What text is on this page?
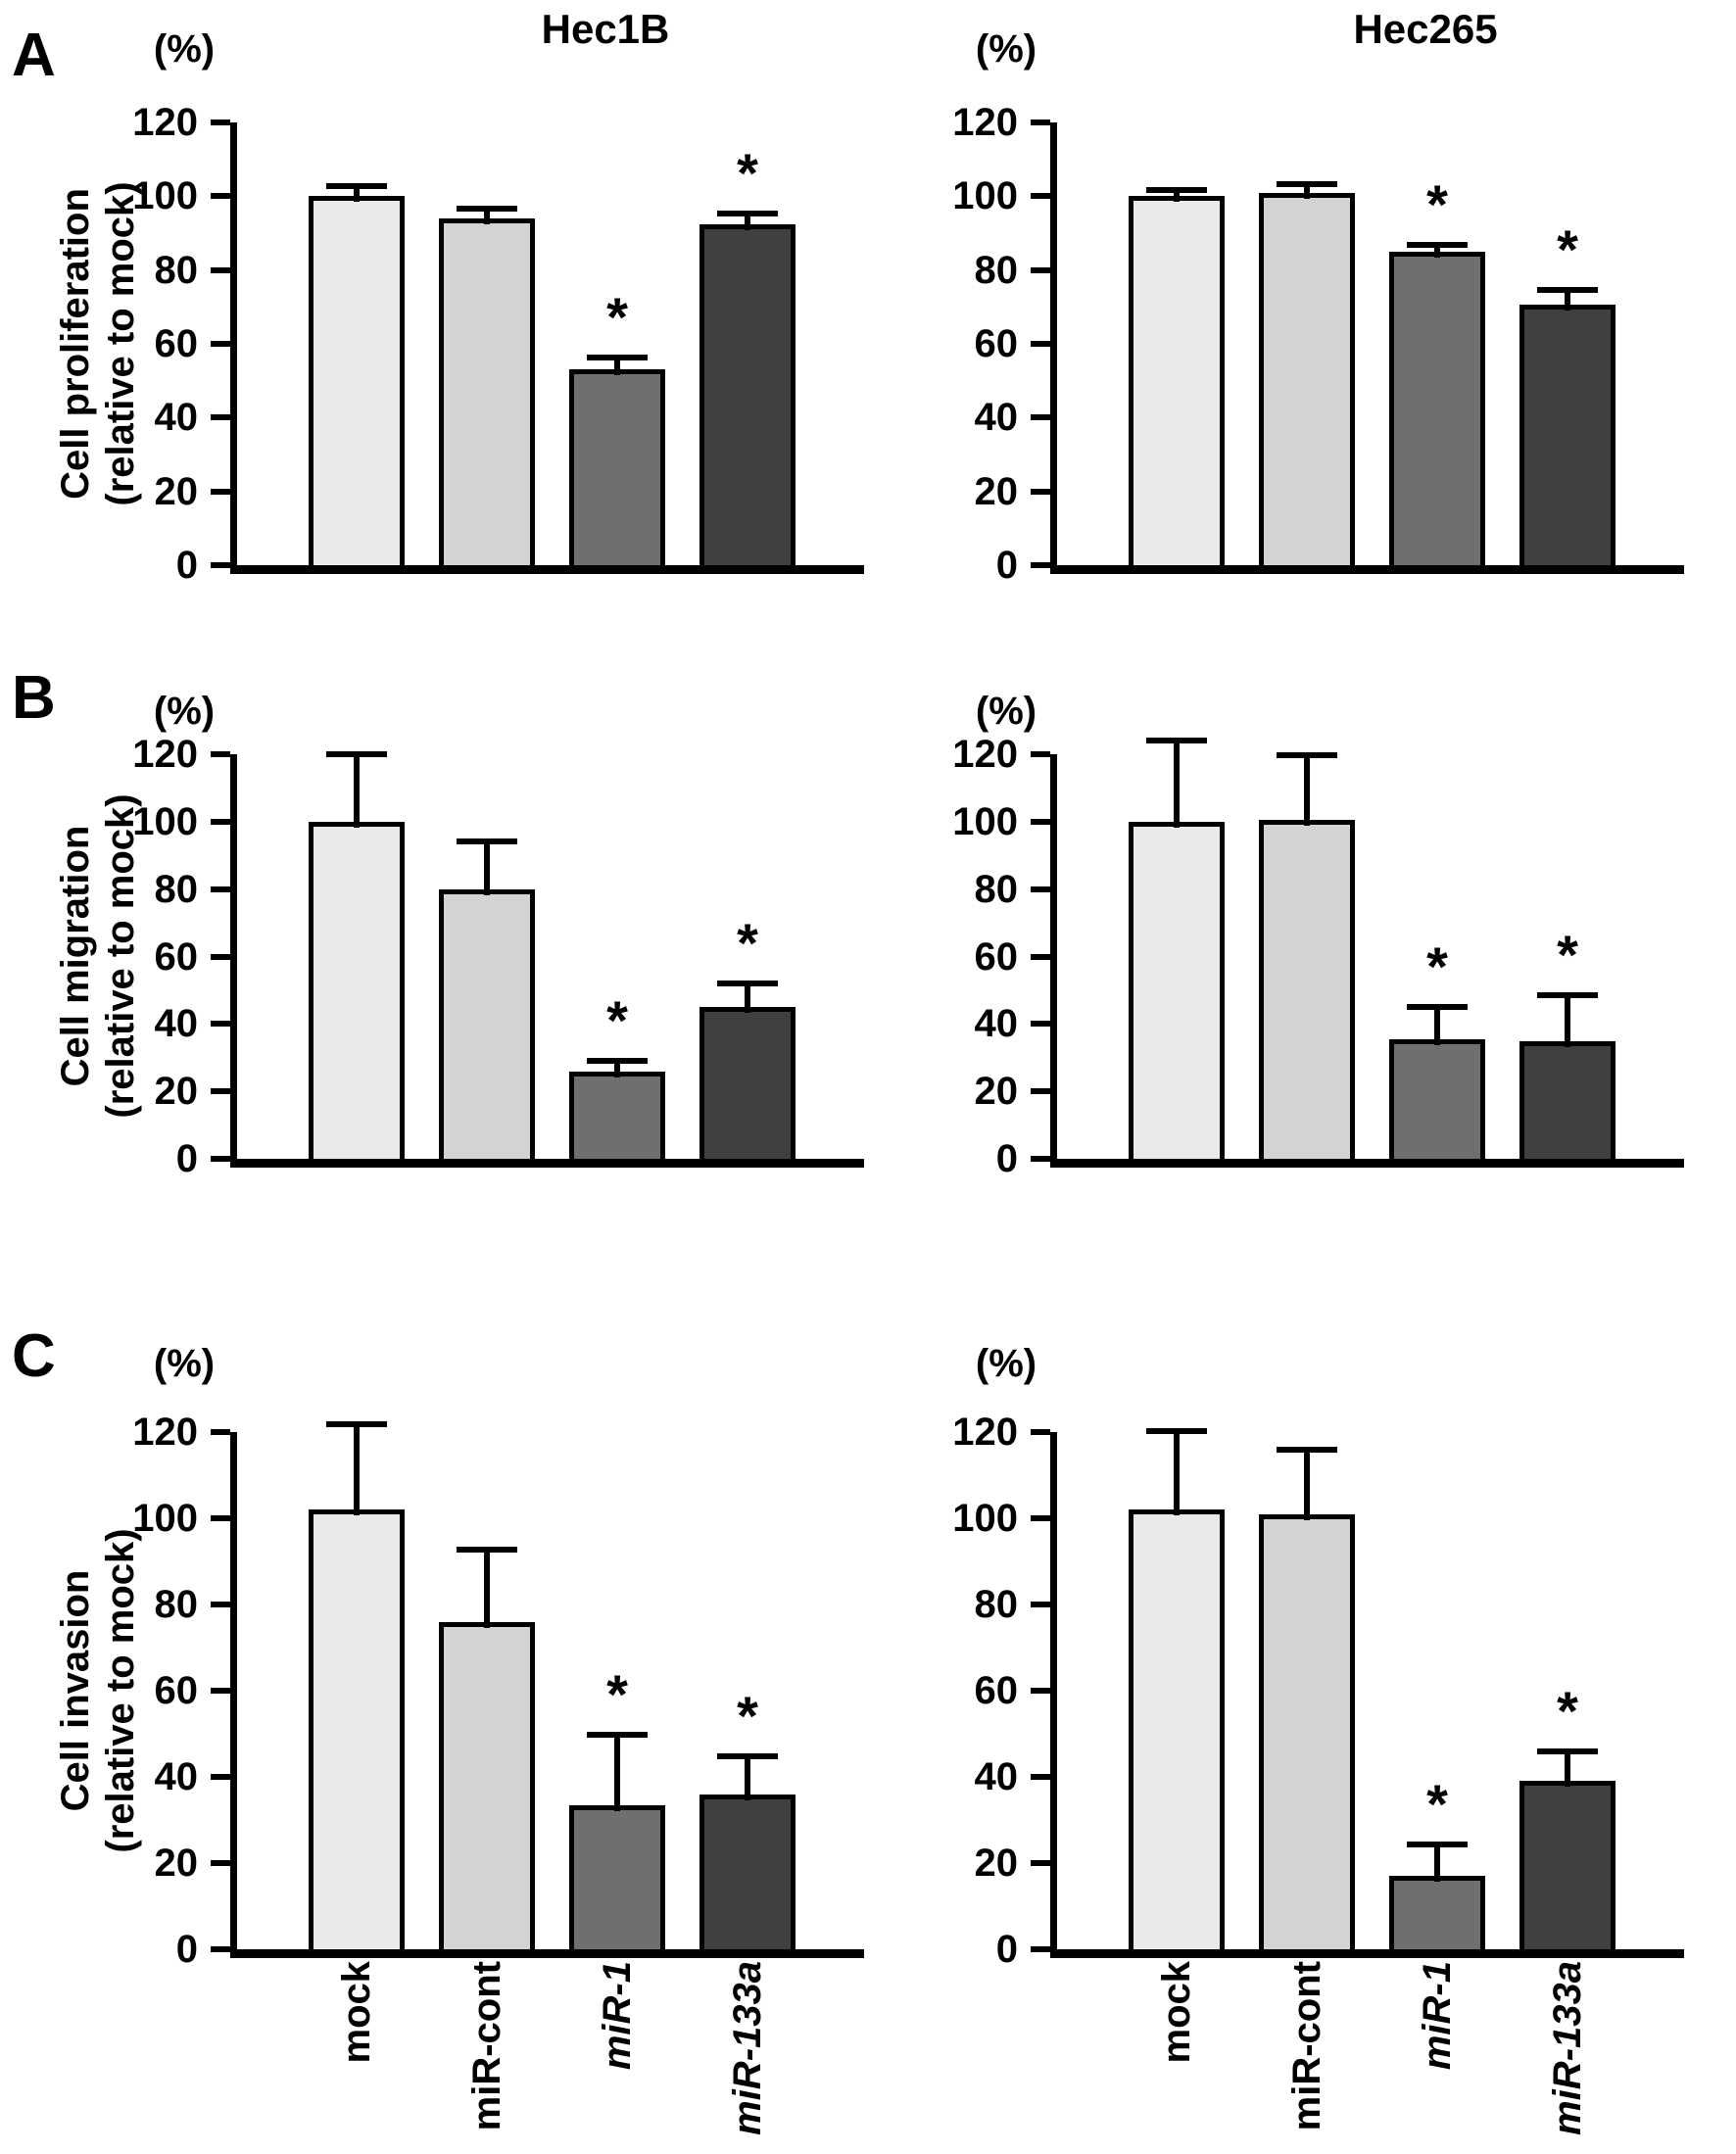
A
B
C
Hec1B	Hec265
(%)	(%)
(%)	(%)
(%)	(%)
Cell proliferation (relative to mock)
Cell migration (relative to mock)
Cell invasion (relative to mock)
0
20
40
60
80
100
120
*
*
0
20
40
60
80
100
120
*
*
0
20
40
60
80
100
120
*
*
0
20
40
60
80
100
120
*	*
0
20
40
60
80
100
120
*	*
mock miR-cont miR-1 miR-133a
0
20
40
60
80
100
120
*
*
mock miR-cont miR-1 miR-133a
